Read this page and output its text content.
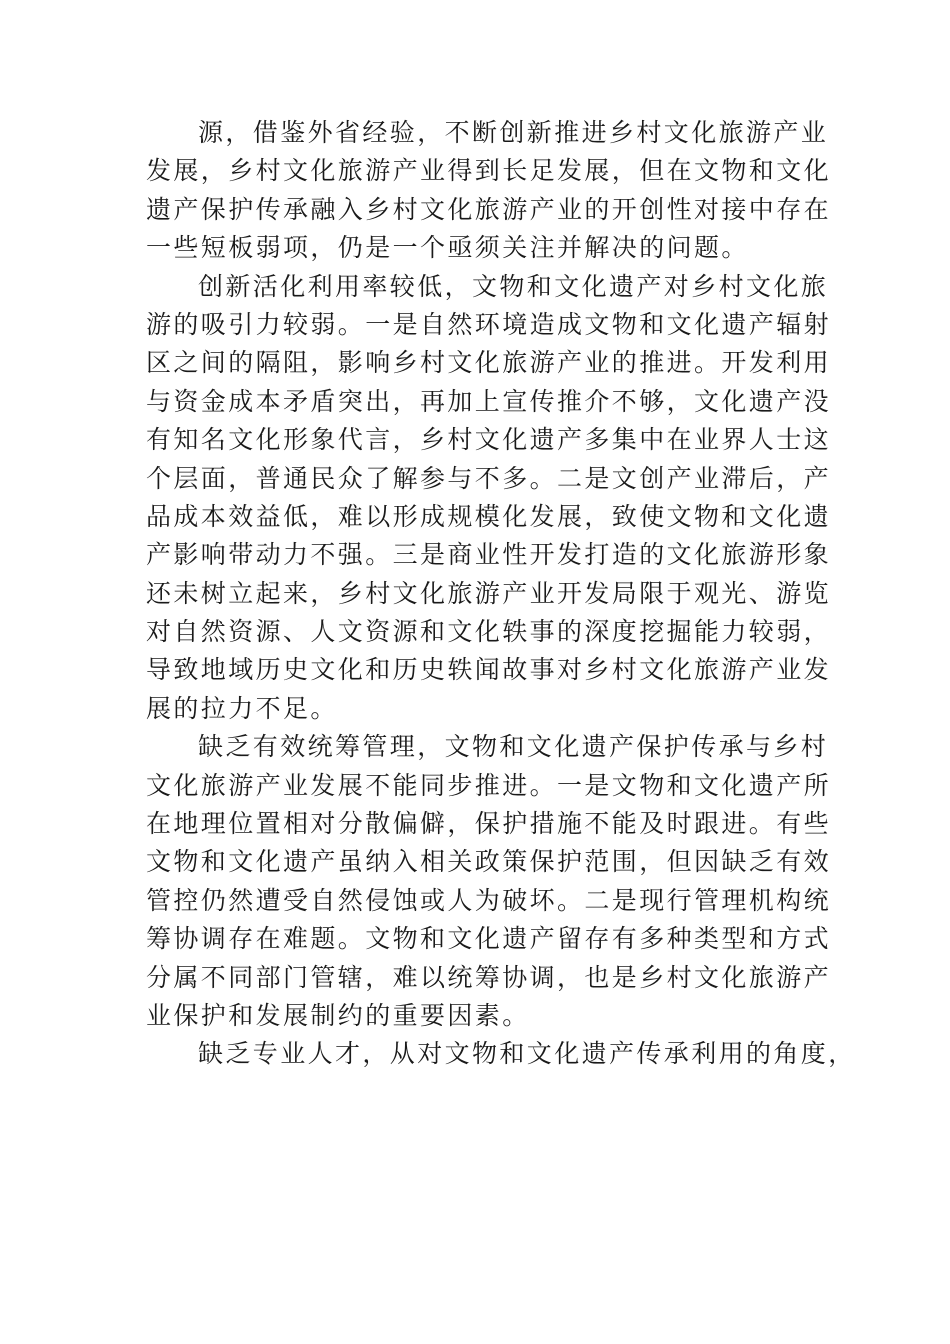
源，借鉴外省经验，不断创新推进乡村文化旅游产业
发展，乡村文化旅游产业得到长足发展，但在文物和文化
遗产保护传承融入乡村文化旅游产业的开创性对接中存在
一些短板弱项，仍是一个亟须关注并解决的问题。
创新活化利用率较低，文物和文化遗产对乡村文化旅
游的吸引力较弱。一是自然环境造成文物和文化遗产辐射
区之间的隔阻，影响乡村文化旅游产业的推进。开发利用
与资金成本矛盾突出，再加上宣传推介不够，文化遗产没
有知名文化形象代言，乡村文化遗产多集中在业界人士这
个层面，普通民众了解参与不多。二是文创产业滞后，产
品成本效益低，难以形成规模化发展，致使文物和文化遗
产影响带动力不强。三是商业性开发打造的文化旅游形象
还未树立起来，乡村文化旅游产业开发局限于观光、游览
对自然资源、人文资源和文化轶事的深度挖掘能力较弱，
导致地域历史文化和历史轶闻故事对乡村文化旅游产业发
展的拉力不足。
缺乏有效统筹管理，文物和文化遗产保护传承与乡村
文化旅游产业发展不能同步推进。一是文物和文化遗产所
在地理位置相对分散偏僻，保护措施不能及时跟进。有些
文物和文化遗产虽纳入相关政策保护范围，但因缺乏有效
管控仍然遭受自然侵蚀或人为破坏。二是现行管理机构统
筹协调存在难题。文物和文化遗产留存有多种类型和方式
分属不同部门管辖，难以统筹协调，也是乡村文化旅游产
业保护和发展制约的重要因素。
缺乏专业人才，从对文物和文化遗产传承利用的角度，
